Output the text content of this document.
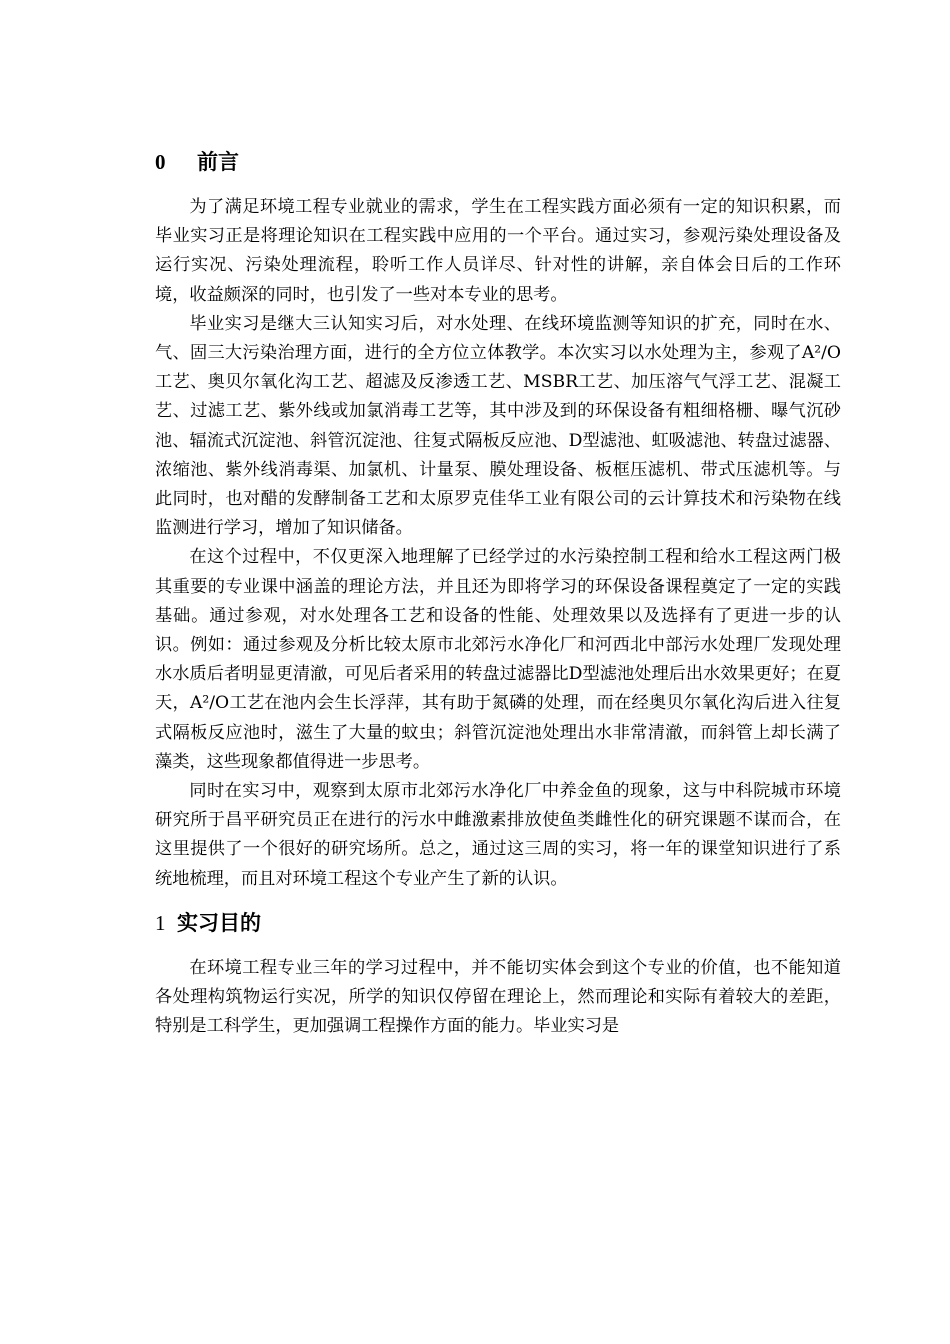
0 前言

为了满足环境工程专业就业的需求，学生在工程实践方面必须有一定的知识积累，而毕业实习正是将理论知识在工程实践中应用的一个平台。通过实习，参观污染处理设备及运行实况、污染处理流程，聆听工作人员详尽、针对性的讲解，亲自体会日后的工作环境，收益颇深的同时，也引发了一些对本专业的思考。

毕业实习是继大三认知实习后，对水处理、在线环境监测等知识的扩充，同时在水、气、固三大污染治理方面，进行的全方位立体教学。本次实习以水处理为主，参观了A²/O工艺、奥贝尔氧化沟工艺、超滤及反渗透工艺、MSBR工艺、加压溶气气浮工艺、混凝工艺、过滤工艺、紫外线或加氯消毒工艺等，其中涉及到的环保设备有粗细格栅、曝气沉砂池、辐流式沉淀池、斜管沉淀池、往复式隔板反应池、D型滤池、虹吸滤池、转盘过滤器、浓缩池、紫外线消毒渠、加氯机、计量泵、膜处理设备、板框压滤机、带式压滤机等。与此同时，也对醋的发酵制备工艺和太原罗克佳华工业有限公司的云计算技术和污染物在线监测进行学习，增加了知识储备。

在这个过程中，不仅更深入地理解了已经学过的水污染控制工程和给水工程这两门极其重要的专业课中涵盖的理论方法，并且还为即将学习的环保设备课程奠定了一定的实践基础。通过参观，对水处理各工艺和设备的性能、处理效果以及选择有了更进一步的认识。例如：通过参观及分析比较太原市北郊污水净化厂和河西北中部污水处理厂发现处理水水质后者明显更清澈，可见后者采用的转盘过滤器比D型滤池处理后出水效果更好；在夏天，A²/O工艺在池内会生长浮萍，其有助于氮磷的处理，而在经奥贝尔氧化沟后进入往复式隔板反应池时，滋生了大量的蚊虫；斜管沉淀池处理出水非常清澈，而斜管上却长满了藻类，这些现象都值得进一步思考。

同时在实习中，观察到太原市北郊污水净化厂中养金鱼的现象，这与中科院城市环境研究所于昌平研究员正在进行的污水中雌激素排放使鱼类雌性化的研究课题不谋而合，在这里提供了一个很好的研究场所。总之，通过这三周的实习，将一年的课堂知识进行了系统地梳理，而且对环境工程这个专业产生了新的认识。

1 实习目的

在环境工程专业三年的学习过程中，并不能切实体会到这个专业的价值，也不能知道各处理构筑物运行实况，所学的知识仅停留在理论上，然而理论和实际有着较大的差距，特别是工科学生，更加强调工程操作方面的能力。毕业实习是
